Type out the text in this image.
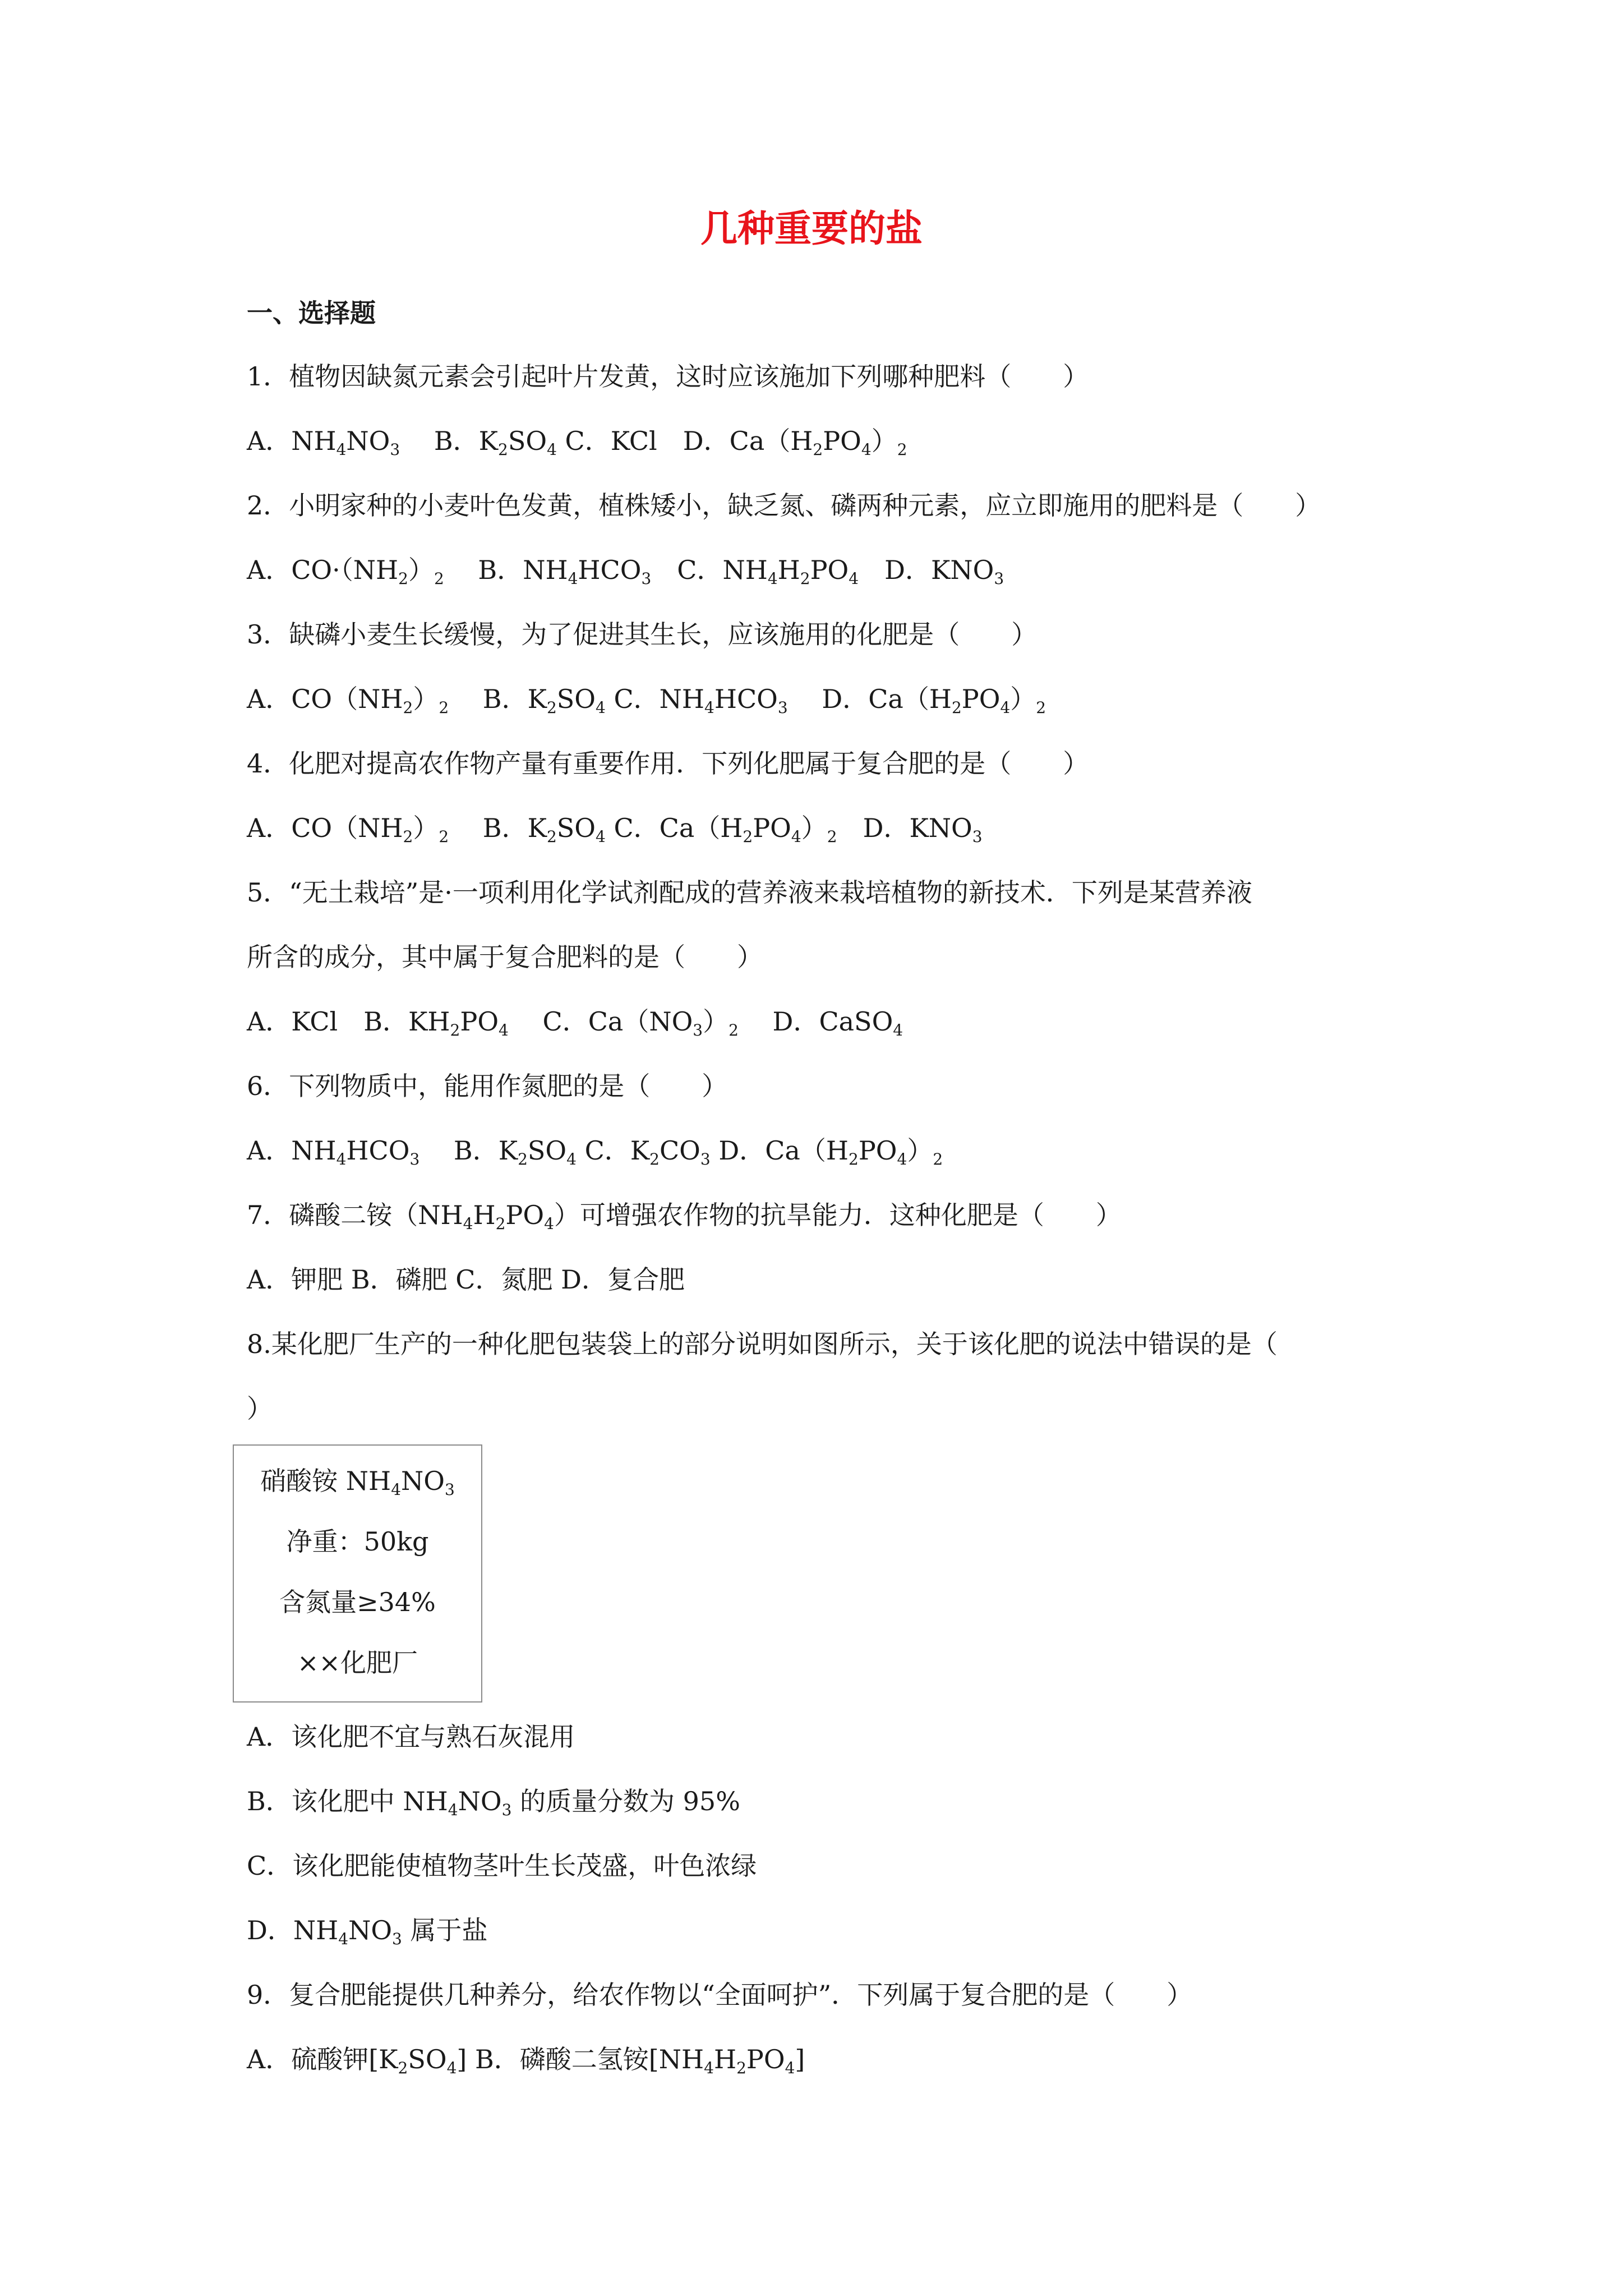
几种重要的盐
一、选择题
1．植物因缺氮元素会引起叶片发黄，这时应该施加下列哪种肥料（　　）
A．$NH_4NO_3$　 B．$K_2SO_4$ C．KCl　D．$Ca(H_2PO_4)_2$
2．小明家种的小麦叶色发黄，植株矮小，缺乏氮、磷两种元素，应立即施用的肥料是（　　）
A．$CO\cdot(NH_2)_2$　 B．$NH_4HCO_3$　C．$NH_4H_2PO_4$　D．$KNO_3$
3．缺磷小麦生长缓慢，为了促进其生长，应该施用的化肥是（　　）
A．$CO(NH_2)_2$　 B．$K_2SO_4$ C．$NH_4HCO_3$　 D．$Ca(H_2PO_4)_2$
4．化肥对提高农作物产量有重要作用．下列化肥属于复合肥的是（　　）
A．$CO(NH_2)_2$　 B．$K_2SO_4$ C．$Ca(H_2PO_4)_2$　D．$KNO_3$
5．“无土栽培”是·一项利用化学试剂配成的营养液来栽培植物的新技术．下列是某营养液
所含的成分，其中属于复合肥料的是（　　）
A．KCl　B．$KH_2PO_4$　 C．$Ca(NO_3)_2$　 D．CaSO$_4$
6．下列物质中，能用作氮肥的是（　　）
A．$NH_4HCO_3$　 B．$K_2SO_4$ C．$K_2CO_3$ D．$Ca(H_2PO_4)_2$
7．磷酸二铵$(NH_4H_2PO_4)$可增强农作物的抗旱能力．这种化肥是（　　）
A．钾肥 B．磷肥 C．氮肥 D．复合肥
8.某化肥厂生产的一种化肥包装袋上的部分说明如图所示，关于该化肥的说法中错误的是（
）
硝酸铵 $NH_4NO_3$
净重：50kg
含氮量≥34%
××化肥厂
A．该化肥不宜与熟石灰混用
B．该化肥中 $NH_4NO_3$ 的质量分数为 95%
C．该化肥能使植物茎叶生长茂盛，叶色浓绿
D．$NH_4NO_3$ 属于盐
9．复合肥能提供几种养分，给农作物以“全面呵护”．下列属于复合肥的是（　　）
A．硫酸钾$[K_2SO_4]$ B．磷酸二氢铵$[NH_4H_2PO_4]$
